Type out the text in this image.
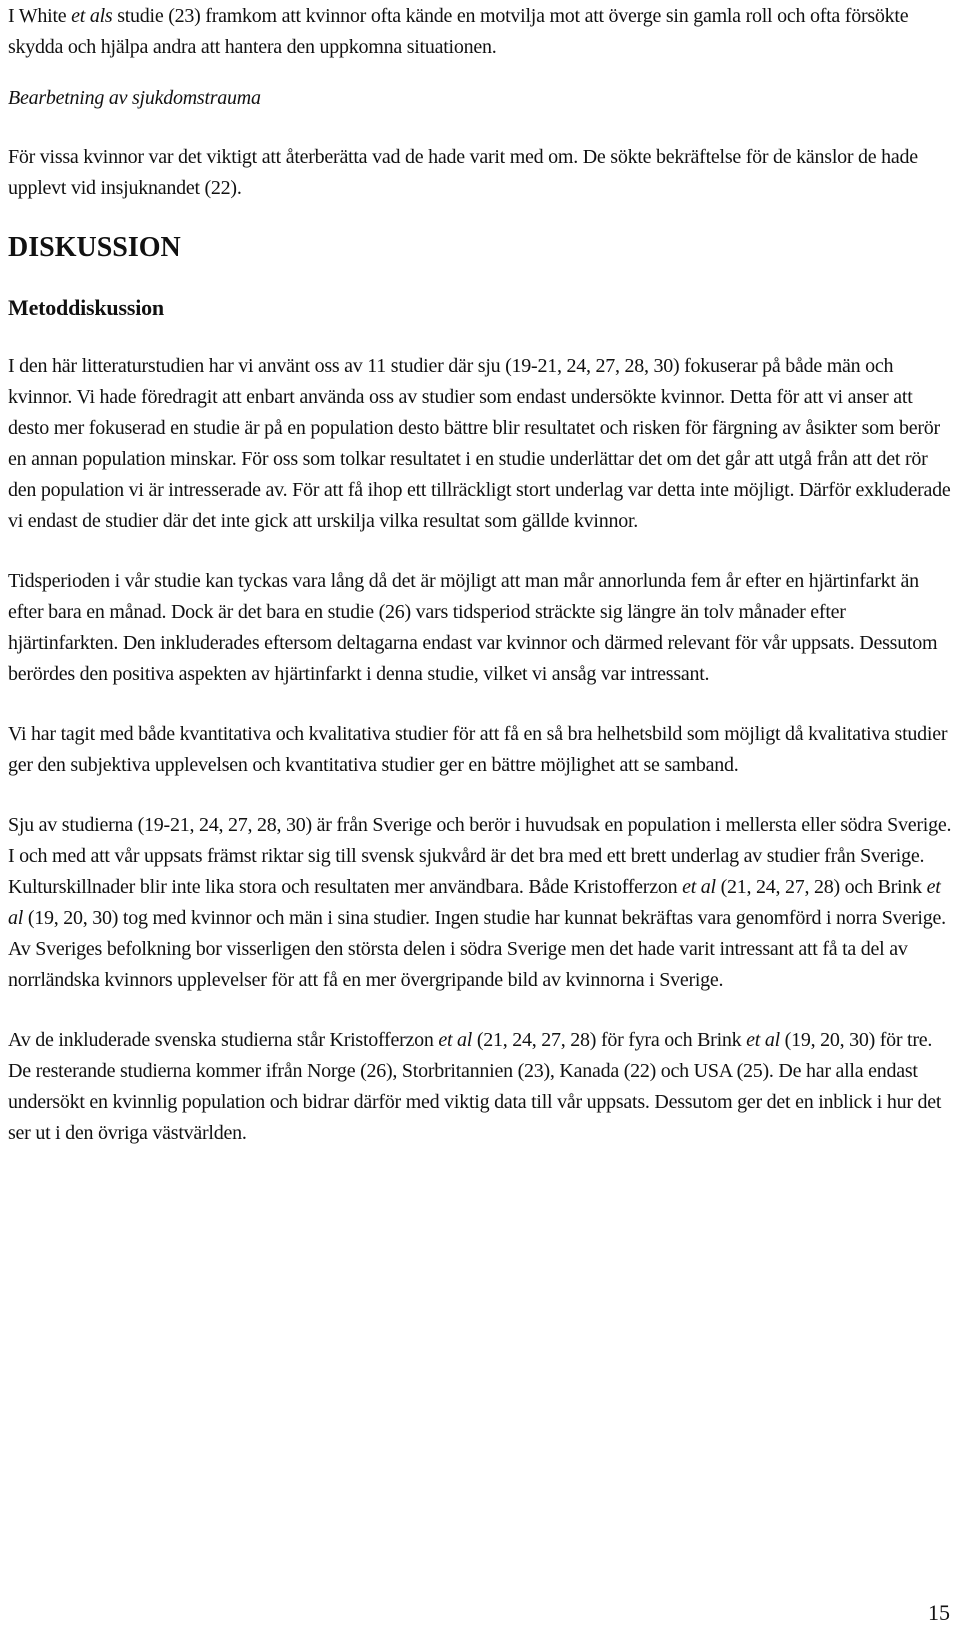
I White et als studie (23) framkom att kvinnor ofta kände en motvilja mot att överge sin gamla roll och ofta försökte skydda och hjälpa andra att hantera den uppkomna situationen.

Bearbetning av sjukdomstrauma

För vissa kvinnor var det viktigt att återberätta vad de hade varit med om. De sökte bekräftelse för de känslor de hade upplevt vid insjuknandet (22).

DISKUSSION
Metoddiskussion

I den här litteraturstudien har vi använt oss av 11 studier där sju (19-21, 24, 27, 28, 30) fokuserar på både män och kvinnor. Vi hade föredragit att enbart använda oss av studier som endast undersökte kvinnor. Detta för att vi anser att desto mer fokuserad en studie är på en population desto bättre blir resultatet och risken för färgning av åsikter som berör en annan population minskar. För oss som tolkar resultatet i en studie underlättar det om det går att utgå från att det rör den population vi är intresserade av. För att få ihop ett tillräckligt stort underlag var detta inte möjligt. Därför exkluderade vi endast de studier där det inte gick att urskilja vilka resultat som gällde kvinnor.

Tidsperioden i vår studie kan tyckas vara lång då det är möjligt att man mår annorlunda fem år efter en hjärtinfarkt än efter bara en månad. Dock är det bara en studie (26) vars tidsperiod sträckte sig längre än tolv månader efter hjärtinfarkten. Den inkluderades eftersom deltagarna endast var kvinnor och därmed relevant för vår uppsats. Dessutom berördes den positiva aspekten av hjärtinfarkt i denna studie, vilket vi ansåg var intressant.

Vi har tagit med både kvantitativa och kvalitativa studier för att få en så bra helhetsbild som möjligt då kvalitativa studier ger den subjektiva upplevelsen och kvantitativa studier ger en bättre möjlighet att se samband.

Sju av studierna (19-21, 24, 27, 28, 30) är från Sverige och berör i huvudsak en population i mellersta eller södra Sverige. I och med att vår uppsats främst riktar sig till svensk sjukvård är det bra med ett brett underlag av studier från Sverige. Kulturskillnader blir inte lika stora och resultaten mer användbara. Både Kristofferzon et al (21, 24, 27, 28) och Brink et al (19, 20, 30) tog med kvinnor och män i sina studier. Ingen studie har kunnat bekräftas vara genomförd i norra Sverige. Av Sveriges befolkning bor visserligen den största delen i södra Sverige men det hade varit intressant att få ta del av norrländska kvinnors upplevelser för att få en mer övergripande bild av kvinnorna i Sverige.

Av de inkluderade svenska studierna står Kristofferzon et al (21, 24, 27, 28) för fyra och Brink et al (19, 20, 30) för tre. De resterande studierna kommer ifrån Norge (26), Storbritannien (23), Kanada (22) och USA (25). De har alla endast undersökt en kvinnlig population och bidrar därför med viktig data till vår uppsats. Dessutom ger det en inblick i hur det ser ut i den övriga västvärlden.

15
